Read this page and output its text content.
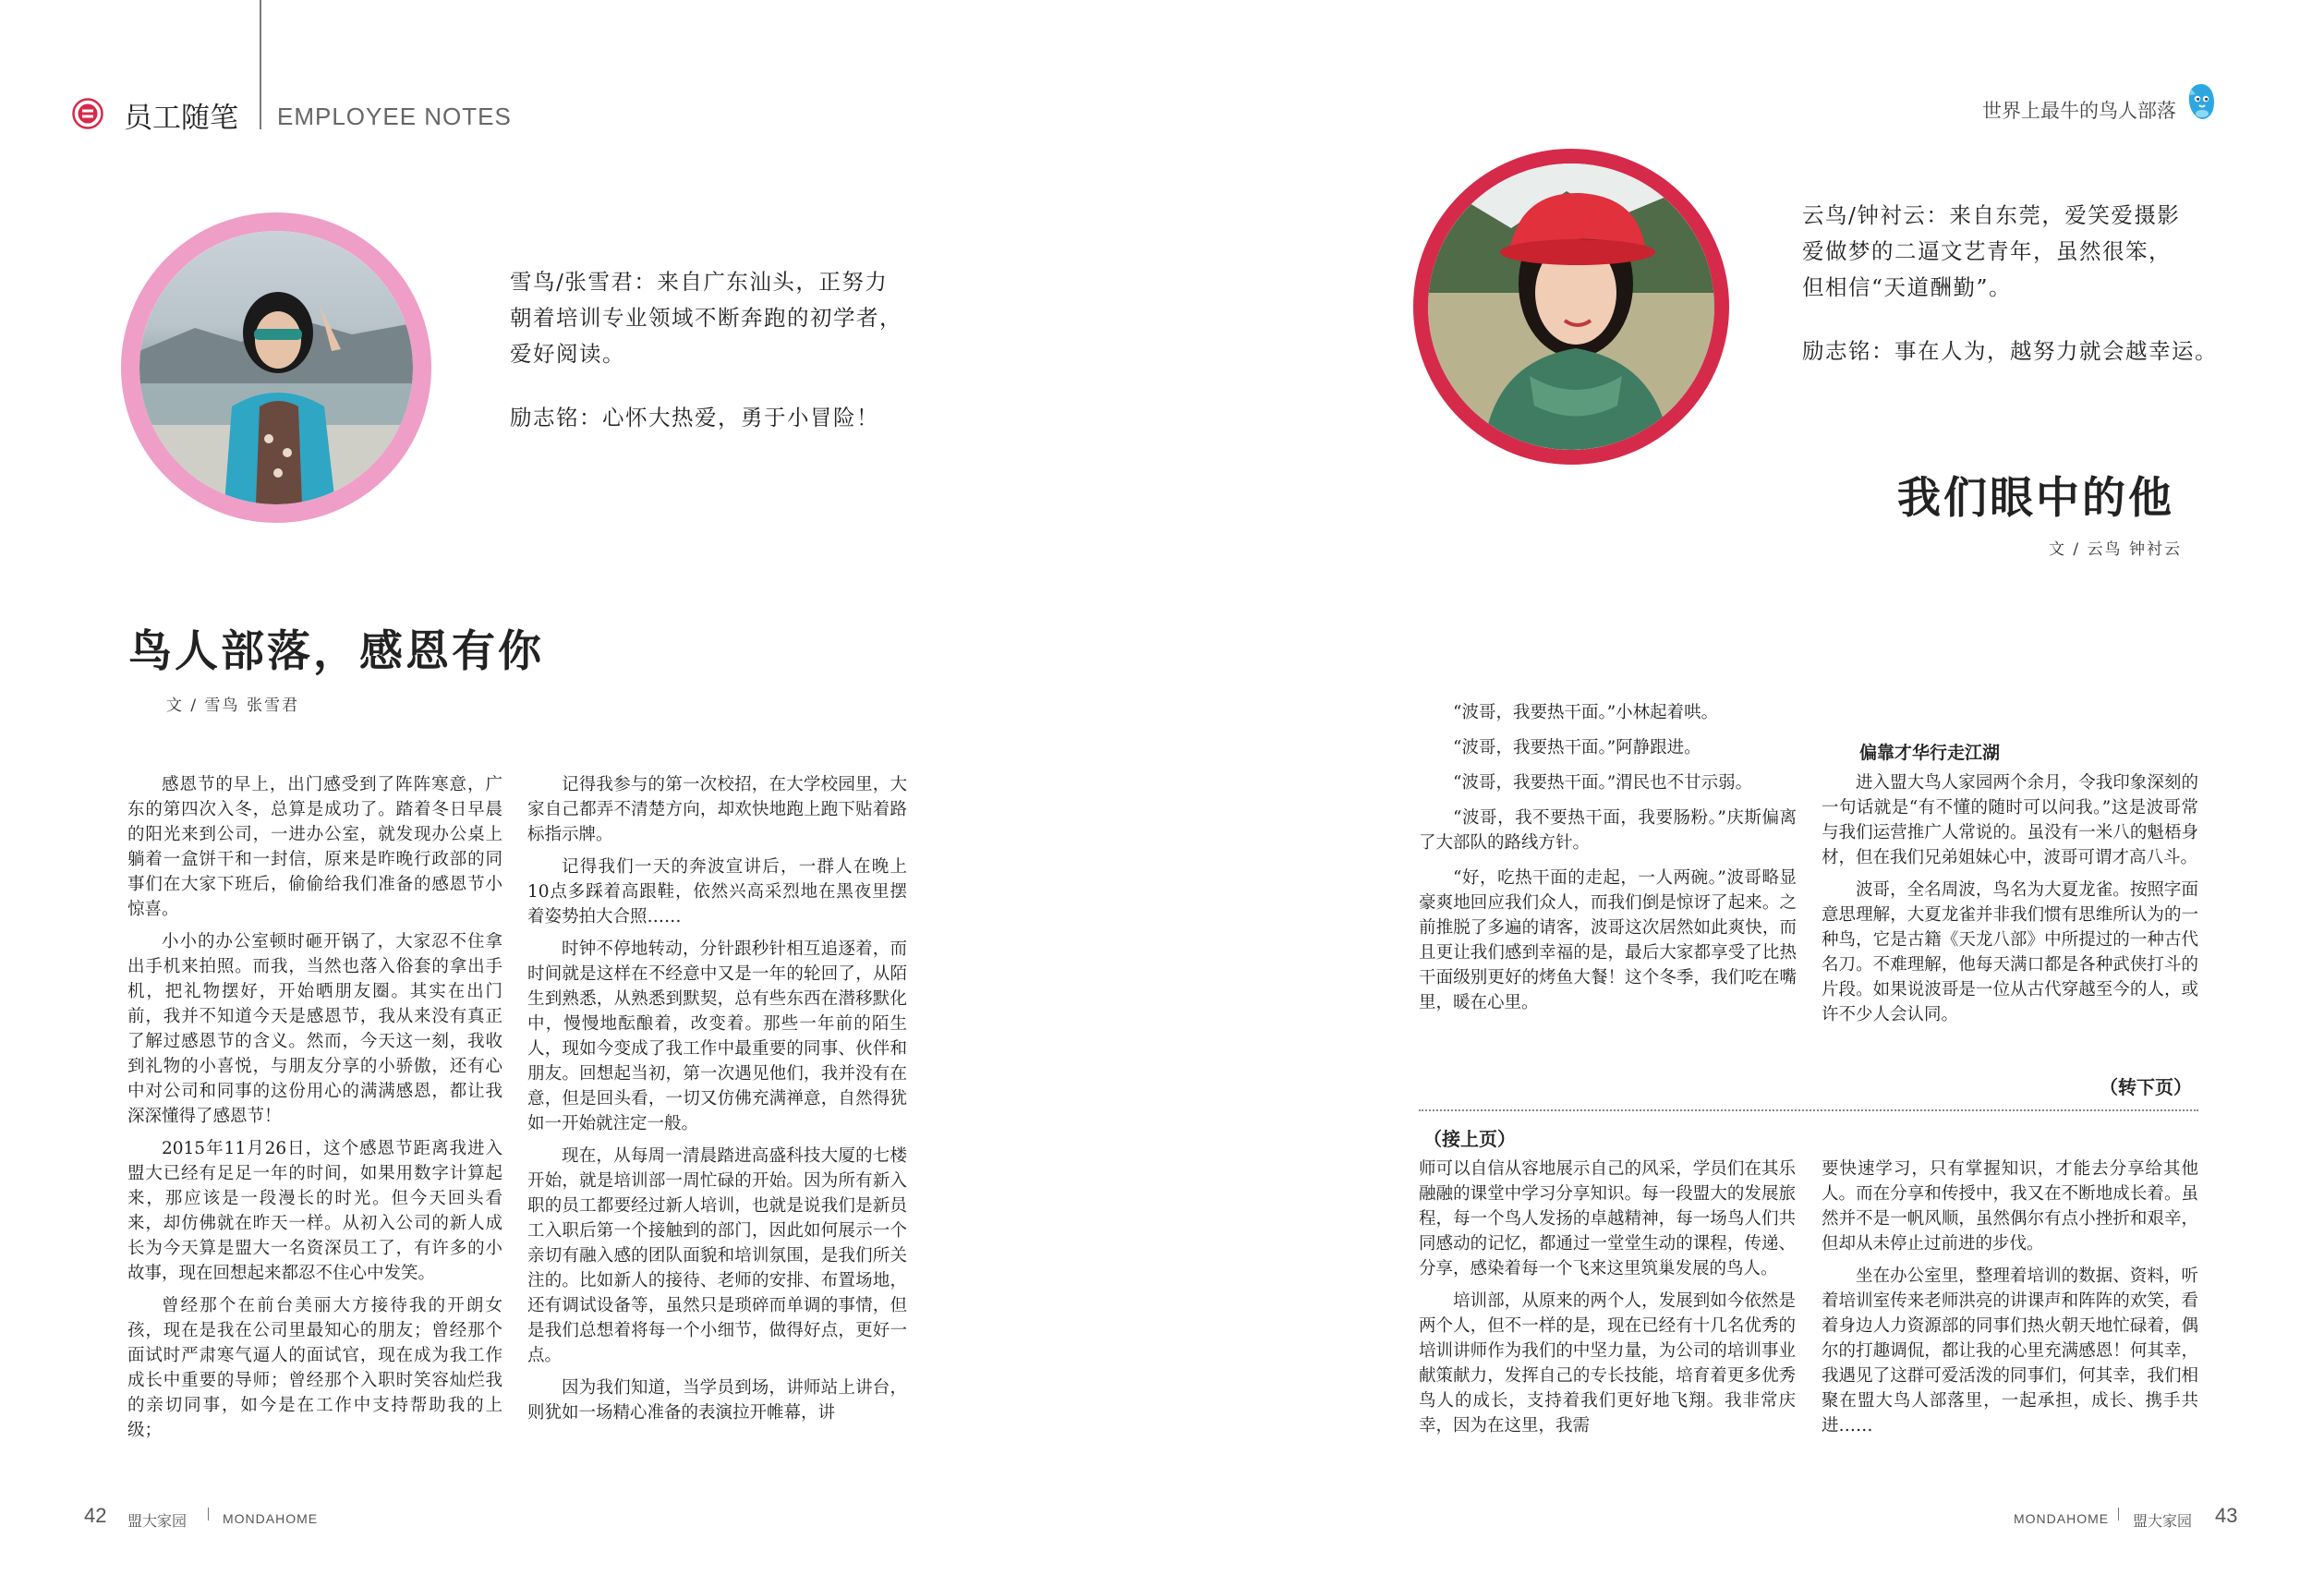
员工随笔 EMPLOYEE NOTES	世界上最牛的鸟人部落
雪鸟/张雪君：来自广东汕头，正努力
朝着培训专业领域不断奔跑的初学者，
爱好阅读。
励志铭：心怀大热爱，勇于小冒险！
云鸟/钟衬云：来自东莞，爱笑爱摄影
爱做梦的二逼文艺青年，虽然很笨，
但相信“天道酬勤”。
励志铭：事在人为，越努力就会越幸运。
鸟人部落，感恩有你
文 / 雪鸟 张雪君
我们眼中的他
文 / 云鸟 钟衬云

感恩节的早上，出门感受到了阵阵寒意，广东的第四次入冬，总算是成功了。踏着冬日早晨的阳光来到公司，一进办公室，就发现办公桌上躺着一盒饼干和一封信，原来是昨晚行政部的同事们在大家下班后，偷偷给我们准备的感恩节小惊喜。

小小的办公室顿时砸开锅了，大家忍不住拿出手机来拍照。而我，当然也落入俗套的拿出手机，把礼物摆好，开始晒朋友圈。其实在出门前，我并不知道今天是感恩节，我从来没有真正了解过感恩节的含义。然而，今天这一刻，我收到礼物的小喜悦，与朋友分享的小骄傲，还有心中对公司和同事的这份用心的满满感恩，都让我深深懂得了感恩节！

2015年11月26日，这个感恩节距离我进入盟大已经有足足一年的时间，如果用数字计算起来，那应该是一段漫长的时光。但今天回头看来，却仿佛就在昨天一样。从初入公司的新人成长为今天算是盟大一名资深员工了，有许多的小故事，现在回想起来都忍不住心中发笑。

曾经那个在前台美丽大方接待我的开朗女孩，现在是我在公司里最知心的朋友；曾经那个面试时严肃寒气逼人的面试官，现在成为我工作成长中重要的导师；曾经那个入职时笑容灿烂我的亲切同事，如今是在工作中支持帮助我的上级；

记得我参与的第一次校招，在大学校园里，大家自己都弄不清楚方向，却欢快地跑上跑下贴着路标指示牌。

记得我们一天的奔波宣讲后，一群人在晚上10点多踩着高跟鞋，依然兴高采烈地在黑夜里摆着姿势拍大合照……

时钟不停地转动，分针跟秒针相互追逐着，而时间就是这样在不经意中又是一年的轮回了，从陌生到熟悉，从熟悉到默契，总有些东西在潜移默化中，慢慢地酝酿着，改变着。那些一年前的陌生人，现如今变成了我工作中最重要的同事、伙伴和朋友。回想起当初，第一次遇见他们，我并没有在意，但是回头看，一切又仿佛充满禅意，自然得犹如一开始就注定一般。

现在，从每周一清晨踏进高盛科技大厦的七楼开始，就是培训部一周忙碌的开始。因为所有新入职的员工都要经过新人培训，也就是说我们是新员工入职后第一个接触到的部门，因此如何展示一个亲切有融入感的团队面貌和培训氛围，是我们所关注的。比如新人的接待、老师的安排、布置场地，还有调试设备等，虽然只是琐碎而单调的事情，但是我们总想着将每一个小细节，做得好点，更好一点。

因为我们知道，当学员到场，讲师站上讲台，则犹如一场精心准备的表演拉开帷幕，讲

“波哥，我要热干面。”小林起着哄。

“波哥，我要热干面。”阿静跟进。

“波哥，我要热干面。”渭民也不甘示弱。

“波哥，我不要热干面，我要肠粉。”庆斯偏离了大部队的路线方针。

“好，吃热干面的走起，一人两碗。”波哥略显豪爽地回应我们众人，而我们倒是惊讶了起来。之前推脱了多遍的请客，波哥这次居然如此爽快，而且更让我们感到幸福的是，最后大家都享受了比热干面级别更好的烤鱼大餐！这个冬季，我们吃在嘴里，暖在心里。

偏靠才华行走江湖

进入盟大鸟人家园两个余月，令我印象深刻的一句话就是“有不懂的随时可以问我。”这是波哥常与我们运营推广人常说的。虽没有一米八的魁梧身材，但在我们兄弟姐妹心中，波哥可谓才高八斗。

波哥，全名周波，鸟名为大夏龙雀。按照字面意思理解，大夏龙雀并非我们惯有思维所认为的一种鸟，它是古籍《天龙八部》中所提过的一种古代名刀。不难理解，他每天满口都是各种武侠打斗的片段。如果说波哥是一位从古代穿越至今的人，或许不少人会认同。

（转下页）
（接上页）

师可以自信从容地展示自己的风采，学员们在其乐融融的课堂中学习分享知识。每一段盟大的发展旅程，每一个鸟人发扬的卓越精神，每一场鸟人们共同感动的记忆，都通过一堂堂生动的课程，传递、分享，感染着每一个飞来这里筑巢发展的鸟人。

培训部，从原来的两个人，发展到如今依然是两个人，但不一样的是，现在已经有十几名优秀的培训讲师作为我们的中坚力量，为公司的培训事业献策献力，发挥自己的专长技能，培育着更多优秀鸟人的成长，支持着我们更好地飞翔。我非常庆幸，因为在这里，我需

要快速学习，只有掌握知识，才能去分享给其他人。而在分享和传授中，我又在不断地成长着。虽然并不是一帆风顺，虽然偶尔有点小挫折和艰辛，但却从未停止过前进的步伐。

坐在办公室里，整理着培训的数据、资料，听着培训室传来老师洪亮的讲课声和阵阵的欢笑，看着身边人力资源部的同事们热火朝天地忙碌着，偶尔的打趣调侃，都让我的心里充满感恩！何其幸，我遇见了这群可爱活泼的同事们，何其幸，我们相聚在盟大鸟人部落里，一起承担，成长、携手共进……

42 盟大家园	MONDAHOME	MONDAHOME 盟大家园 43
